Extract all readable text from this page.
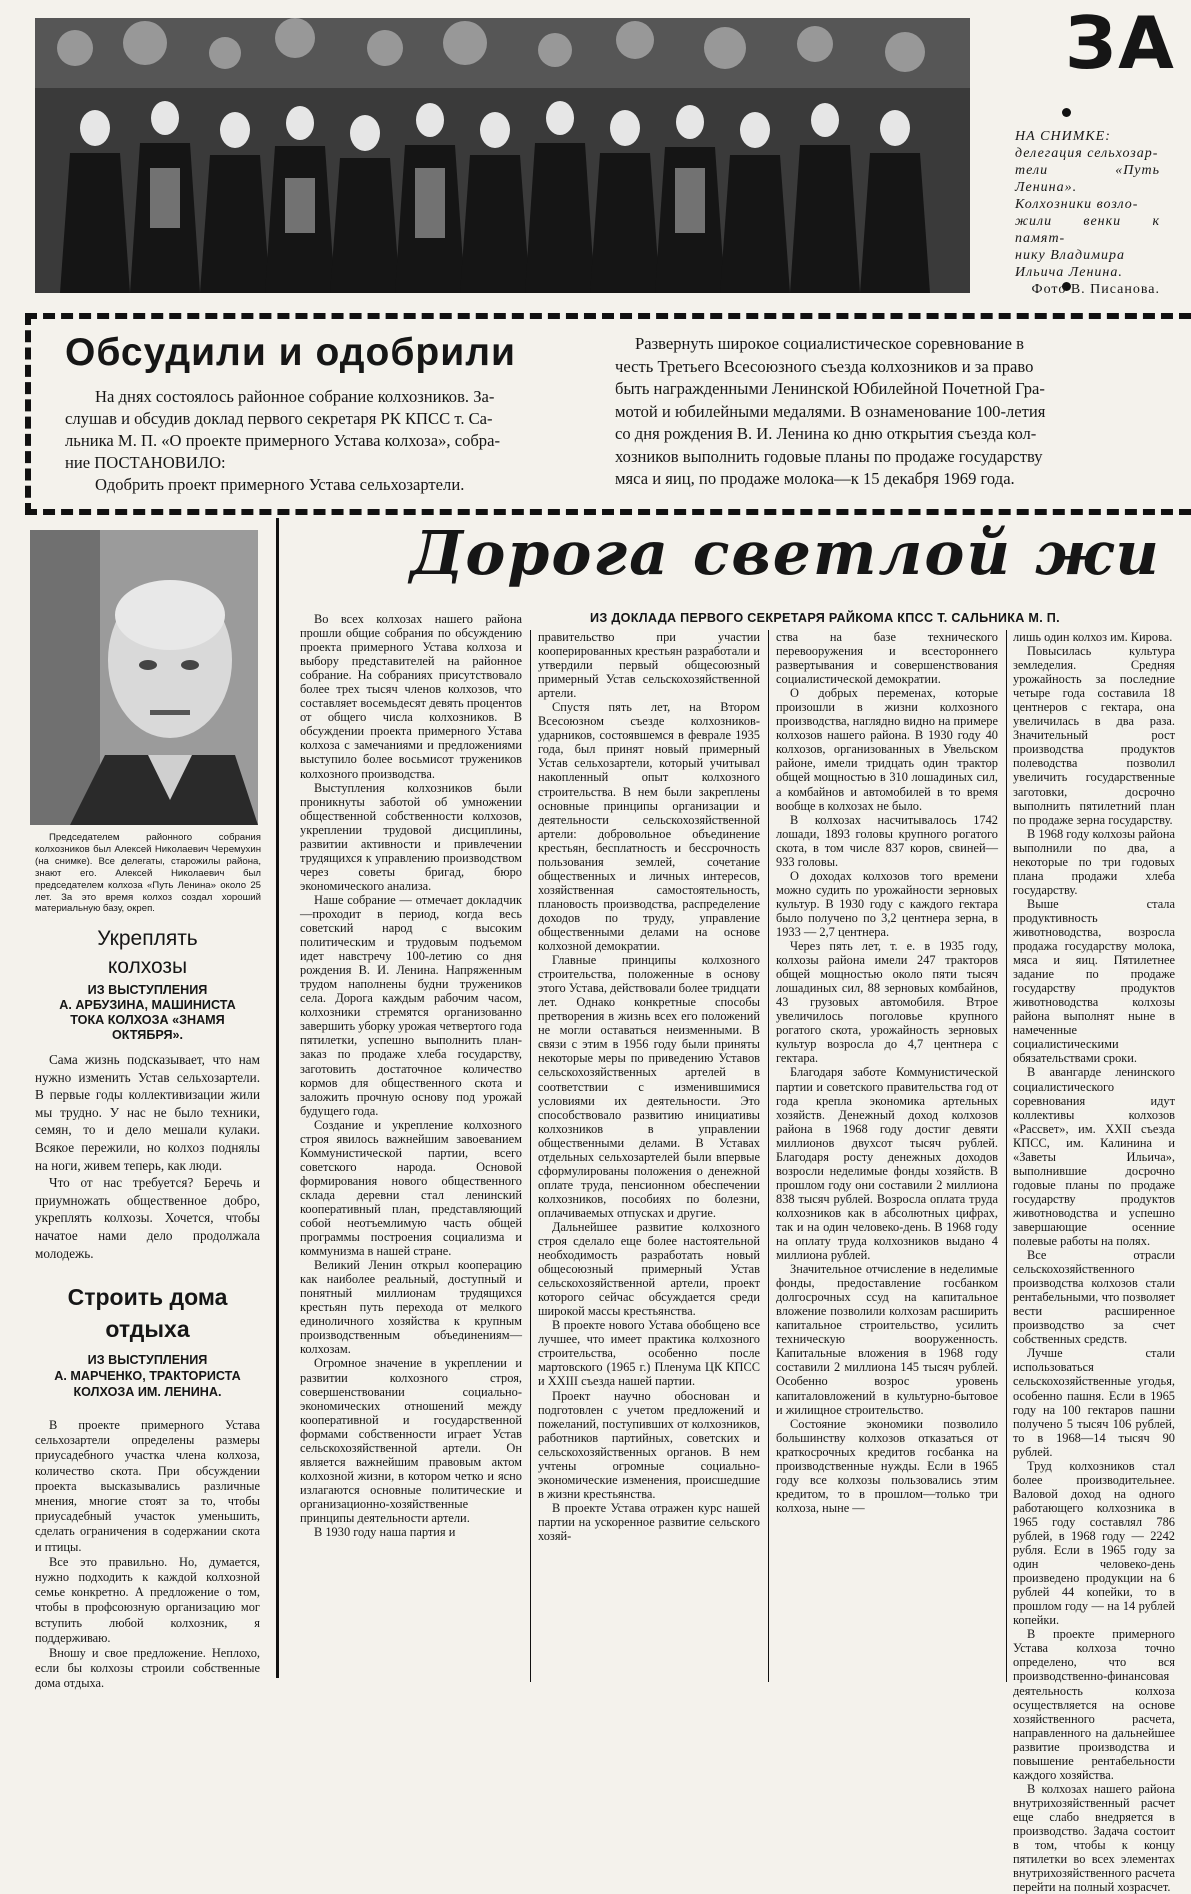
ЗА
НА СНИМКЕ:
делегация сельхозар-
тели «Путь Ленина».
Колхозники возло-
жили венки к памят-
нику Владимира
Ильича Ленина.
Фото В. Писанова.
Обсудили и одобрили
На днях состоялось районное собрание колхозников. За-
слушав и обсудив доклад первого секретаря РК КПСС т. Са-
льника М. П. «О проекте примерного Устава колхоза», собра-
ние ПОСТАНОВИЛО:
Одобрить проект примерного Устава сельхозартели.
Развернуть широкое социалистическое соревнование в
честь Третьего Всесоюзного съезда колхозников и за право
быть награжденными Ленинской Юбилейной Почетной Гра-
мотой и юбилейными медалями. В ознаменование 100-летия
со дня рождения В. И. Ленина ко дню открытия съезда кол-
хозников выполнить годовые планы по продаже государству
мяса и яиц, по продаже молока—к 15 декабря 1969 года.
Председателем районного собрания колхозников был Алексей Николаевич Черемухин (на снимке). Все делегаты, старожилы района, знают его. Алексей Николаевич был председателем колхоза «Путь Ленина» около 25 лет. За это время колхоз создал хороший материальную базу, окреп.
Укреплять
колхозы
ИЗ ВЫСТУПЛЕНИЯ
А. АРБУЗИНА, МАШИНИСТА
ТОКА КОЛХОЗА «ЗНАМЯ
ОКТЯБРЯ».

Сама жизнь подсказывает, что нам нужно изменить Устав сельхозартели. В первые годы коллективизации жили мы трудно. У нас не было техники, семян, то и дело мешали кулаки. Всякое пережили, но колхоз поднялы на ноги, живем теперь, как люди.

Что от нас требуется? Беречь и приумножать общественное добро, укреплять колхозы. Хочется, чтобы начатое нами дело продолжала молодежь.

Строить дома
отдыха
ИЗ ВЫСТУПЛЕНИЯ
А. МАРЧЕНКО, ТРАКТОРИСТА
КОЛХОЗА ИМ. ЛЕНИНА.

В проекте примерного Устава сельхозартели определены размеры приусадебного участка члена колхоза, количество скота. При обсуждении проекта высказывались различные мнения, многие стоят за то, чтобы приусадебный участок уменьшить, сделать ограничения в содержании скота и птицы.

Все это правильно. Но, думается, нужно подходить к каждой колхозной семье конкретно. А предложение о том, чтобы в профсоюзную организацию мог вступить любой колхозник, я поддерживаю.

Вношу и свое предложение. Неплохо, если бы колхозы строили собственные дома отдыха.

Дорога светлой жи
ИЗ ДОКЛАДА ПЕРВОГО СЕКРЕТАРЯ РАЙКОМА КПСС Т. САЛЬНИКА М. П.

Во всех колхозах нашего района прошли общие собрания по обсуждению проекта примерного Устава колхоза и выбору представителей на районное собрание. На собраниях присутствовало более трех тысяч членов колхозов, что составляет восемьдесят девять процентов от общего числа колхозников. В обсуждении проекта примерного Устава колхоза с замечаниями и предложениями выступило более восьмисот тружеников колхозного производства.

Выступления колхозников были проникнуты заботой об умножении общественной собственности колхозов, укреплении трудовой дисциплины, развитии активности и привлечении трудящихся к управлению производством через советы бригад, бюро экономического анализа.

Наше собрание — отмечает докладчик—проходит в период, когда весь советский народ с высоким политическим и трудовым подъемом идет навстречу 100-летию со дня рождения В. И. Ленина. Напряженным трудом наполнены будни тружеников села. Дорога каждым рабочим часом, колхозники стремятся организованно завершить уборку урожая четвертого года пятилетки, успешно выполнить план-заказ по продаже хлеба государству, заготовить достаточное количество кормов для общественного скота и заложить прочную основу под урожай будущего года.

Создание и укрепление колхозного строя явилось важнейшим завоеванием Коммунистической партии, всего советского народа. Основой формирования нового общественного склада деревни стал ленинский кооперативный план, представляющий собой неотъемлимую часть общей программы построения социализма и коммунизма в нашей стране.

Великий Ленин открыл кооперацию как наиболее реальный, доступный и понятный миллионам трудящихся крестьян путь перехода от мелкого единоличного хозяйства к крупным производственным объединениям—колхозам.

Огромное значение в укреплении и развитии колхозного строя, совершенствовании социально-экономических отношений между кооперативной и государственной формами собственности играет Устав сельскохозяйственной артели. Он является важнейшим правовым актом колхозной жизни, в котором четко и ясно излагаются основные политические и организационно-хозяйственные принципы деятельности артели.

В 1930 году наша партия и

правительство при участии кооперированных крестьян разработали и утвердили первый общесоюзный примерный Устав сельскохозяйственной артели.

Спустя пять лет, на Втором Всесоюзном съезде колхозников-ударников, состоявшемся в феврале 1935 года, был принят новый примерный Устав сельхозартели, который учитывал накопленный опыт колхозного строительства. В нем были закреплены основные принципы организации и деятельности сельскохозяйственной артели: добровольное объединение крестьян, бесплатность и бессрочность пользования землей, сочетание общественных и личных интересов, хозяйственная самостоятельность, плановость производства, распределение доходов по труду, управление общественными делами на основе колхозной демократии.

Главные принципы колхозного строительства, положенные в основу этого Устава, действовали более тридцати лет. Однако конкретные способы претворения в жизнь всех его положений не могли оставаться неизменными. В связи с этим в 1956 году были приняты некоторые меры по приведению Уставов сельскохозяйственных артелей в соответствии с изменившимися условиями их деятельности. Это способствовало развитию инициативы колхозников в управлении общественными делами. В Уставах отдельных сельхозартелей были впервые сформулированы положения о денежной оплате труда, пенсионном обеспечении колхозников, пособиях по болезни, оплачиваемых отпусках и другие.

Дальнейшее развитие колхозного строя сделало еще более настоятельной необходимость разработать новый общесоюзный примерный Устав сельскохозяйственной артели, проект которого сейчас обсуждается среди широкой массы крестьянства.

В проекте нового Устава обобщено все лучшее, что имеет практика колхозного строительства, особенно после мартовского (1965 г.) Пленума ЦК КПСС и XXIII съезда нашей партии.

Проект научно обоснован и подготовлен с учетом предложений и пожеланий, поступивших от колхозников, работников партийных, советских и сельскохозяйственных органов. В нем учтены огромные социально-экономические изменения, происшедшие в жизни крестьянства.

В проекте Устава отражен курс нашей партии на ускоренное развитие сельского хозяй-

ства на базе технического перевооружения и всестороннего развертывания и совершенствования социалистической демократии.

О добрых переменах, которые произошли в жизни колхозного производства, наглядно видно на примере колхозов нашего района. В 1930 году 40 колхозов, организованных в Увельском районе, имели тридцать один трактор общей мощностью в 310 лошадиных сил, а комбайнов и автомобилей в то время вообще в колхозах не было.

В колхозах насчитывалось 1742 лошади, 1893 головы крупного рогатого скота, в том числе 837 коров, свиней—933 головы.

О доходах колхозов того времени можно судить по урожайности зерновых культур. В 1930 году с каждого гектара было получено по 3,2 центнера зерна, в 1933 — 2,7 центнера.

Через пять лет, т. е. в 1935 году, колхозы района имели 247 тракторов общей мощностью около пяти тысяч лошадиных сил, 88 зерновых комбайнов, 43 грузовых автомобиля. Втрое увеличилось поголовье крупного рогатого скота, урожайность зерновых культур возросла до 4,7 центнера с гектара.

Благодаря заботе Коммунистической партии и советского правительства год от года крепла экономика артельных хозяйств. Денежный доход колхозов района в 1968 году достиг девяти миллионов двухсот тысяч рублей. Благодаря росту денежных доходов возросли неделимые фонды хозяйств. В прошлом году они составили 2 миллиона 838 тысяч рублей. Возросла оплата труда колхозников как в абсолютных цифрах, так и на один человеко-день. В 1968 году на оплату труда колхозников выдано 4 миллиона рублей.

Значительное отчисление в неделимые фонды, предоставление госбанком долгосрочных ссуд на капитальное вложение позволили колхозам расширить капитальное строительство, усилить техническую вооруженность. Капитальные вложения в 1968 году составили 2 миллиона 145 тысяч рублей. Особенно возрос уровень капиталовложений в культурно-бытовое и жилищное строительство.

Состояние экономики позволило большинству колхозов отказаться от краткосрочных кредитов госбанка на производственные нужды. Если в 1965 году все колхозы пользовались этим кредитом, то в прошлом—только три колхоза, ныне —

лишь один колхоз им. Кирова.

Повысилась культура земледелия. Средняя урожайность за последние четыре года составила 18 центнеров с гектара, она увеличилась в два раза. Значительный рост производства продуктов полеводства позволил увеличить государственные заготовки, досрочно выполнить пятилетний план по продаже зерна государству.

В 1968 году колхозы района выполнили по два, а некоторые по три годовых плана продажи хлеба государству.

Выше стала продуктивность животноводства, возросла продажа государству молока, мяса и яиц. Пятилетнее задание по продаже государству продуктов животноводства колхозы района выполнят ныне в намеченные социалистическими обязательствами сроки.

В авангарде ленинского социалистического соревнования идут коллективы колхозов «Рассвет», им. XXII съезда КПСС, им. Калинина и «Заветы Ильича», выполнившие досрочно годовые планы по продаже государству продуктов животноводства и успешно завершающие осенние полевые работы на полях.

Все отрасли сельскохозяйственного производства колхозов стали рентабельными, что позволяет вести расширенное производство за счет собственных средств.

Лучше стали использоваться сельскохозяйственные угодья, особенно пашня. Если в 1965 году на 100 гектаров пашни получено 5 тысяч 106 рублей, то в 1968—14 тысяч 90 рублей.

Труд колхозников стал более производительнее. Валовой доход на одного работающего колхозника в 1965 году составлял 786 рублей, в 1968 году — 2242 рубля. Если в 1965 году за один человеко-день произведено продукции на 6 рублей 44 копейки, то в прошлом году — на 14 рублей копейки.

В проекте примерного Устава колхоза точно определено, что вся производственно-финансовая деятельность колхоза осуществляется на основе хозяйственного расчета, направленного на дальнейшее развитие производства и повышение рентабельности каждого хозяйства.

В колхозах нашего района внутрихозяйственный расчет еще слабо внедряется в производство. Задача состоит в том, чтобы к концу пятилетки во всех элементах внутрихозяйственного расчета перейти на полный хозрасчет.
